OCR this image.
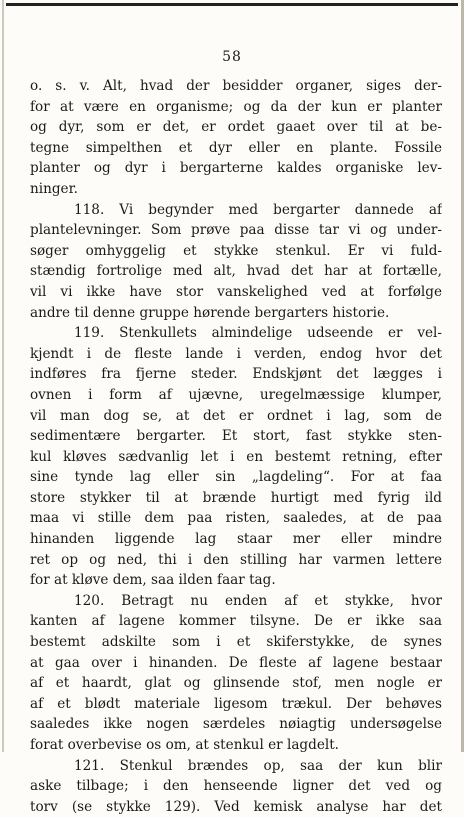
58
o. s. v. Alt, hvad der besidder organer, siges der-
for at være en organisme; og da der kun er planter
og dyr, som er det, er ordet gaaet over til at be-
tegne simpelthen et dyr eller en plante. Fossile
planter og dyr i bergarterne kaldes organiske lev-
ninger.
118. Vi begynder med bergarter dannede af
plantelevninger. Som prøve paa disse tar vi og under-
søger omhyggelig et stykke stenkul. Er vi fuld-
stændig fortrolige med alt, hvad det har at fortælle,
vil vi ikke have stor vanskelighed ved at forfølge
andre til denne gruppe hørende bergarters historie.
119. Stenkullets almindelige udseende er vel-
kjendt i de fleste lande i verden, endog hvor det
indføres fra fjerne steder. Endskjønt det lægges i
ovnen i form af ujævne, uregelmæssige klumper,
vil man dog se, at det er ordnet i lag, som de
sedimentære bergarter. Et stort, fast stykke sten-
kul kløves sædvanlig let i en bestemt retning, efter
sine tynde lag eller sin „lagdeling“. For at faa
store stykker til at brænde hurtigt med fyrig ild
maa vi stille dem paa risten, saaledes, at de paa
hinanden liggende lag staar mer eller mindre
ret op og ned, thi i den stilling har varmen lettere
for at kløve dem, saa ilden faar tag.
120. Betragt nu enden af et stykke, hvor
kanten af lagene kommer tilsyne. De er ikke saa
bestemt adskilte som i et skiferstykke, de synes
at gaa over i hinanden. De fleste af lagene bestaar
af et haardt, glat og glinsende stof, men nogle er
af et blødt materiale ligesom trækul. Der behøves
saaledes ikke nogen særdeles nøiagtig undersøgelse
forat overbevise os om, at stenkul er lagdelt.
121. Stenkul brændes op, saa der kun blir
aske tilbage; i den henseende ligner det ved og
torv (se stykke 129). Ved kemisk analyse har det
